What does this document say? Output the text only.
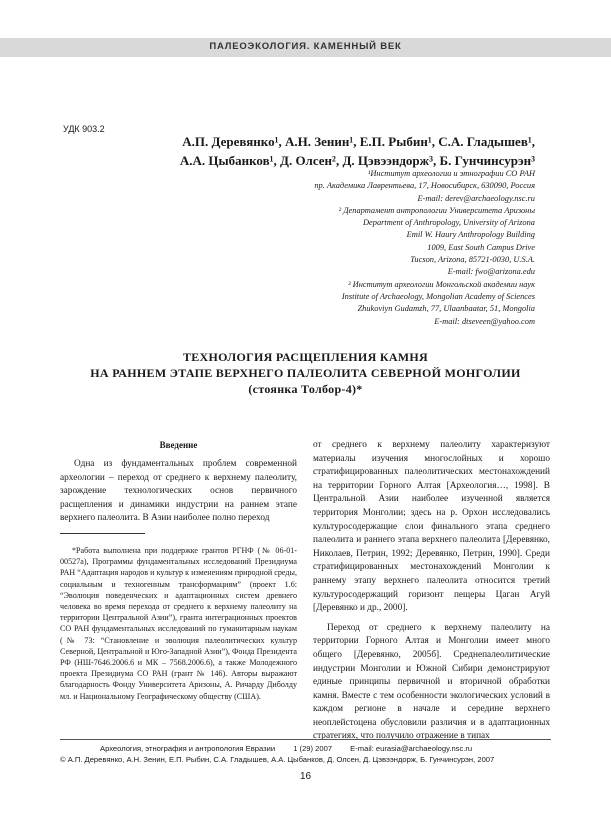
ПАЛЕОЭКОЛОГИЯ. КАМЕННЫЙ ВЕК
УДК 903.2
А.П. Деревянко¹, А.Н. Зенин¹, Е.П. Рыбин¹, С.А. Гладышев¹,
А.А. Цыбанков¹, Д. Олсен², Д. Цэвээндорж³, Б. Гунчинсурэн³
¹Институт археологии и этнографии СО РАН
пр. Академика Лаврентьева, 17, Новосибирск, 630090, Россия
E-mail: derev@archaeology.nsc.ru
² Департамент антропологии Университета Аризоны
Department of Anthropology, University of Arizona
Emil W. Haury Anthropology Building
1009, East South Campus Drive
Tucson, Arizona, 85721-0030, U.S.A.
E-mail: fwo@arizona.edu
³ Институт археологии Монгольской академии наук
Institute of Archaeology, Mongolian Academy of Sciences
Zhukoviyn Gudamzh, 77, Ulaanbaatar, 51, Mongolia
E-mail: dtseveen@yahoo.com
ТЕХНОЛОГИЯ РАСЩЕПЛЕНИЯ КАМНЯ
НА РАННЕМ ЭТАПЕ ВЕРХНЕГО ПАЛЕОЛИТА СЕВЕРНОЙ МОНГОЛИИ
(стоянка Толбор-4)*
Введение

Одна из фундаментальных проблем современной археологии – переход от среднего к верхнему палеолиту, зарождение технологических основ первичного расщепления и динамики индустрии на раннем этапе верхнего палеолита. В Азии наиболее полно переход

*Работа выполнена при поддержке грантов РГНФ (№ 06-01-00527а), Программы фундаментальных исследований Президиума РАН “Адаптация народов и культур к изменениям природной среды, социальным и техногенным трансформациям” (проект 1.6: “Эволюция поведенческих и адаптационных систем древнего человека во время перехода от среднего к верхнему палеолиту на территории Центральной Азии”), гранта интеграционных проектов СО РАН фундаментальных исследований по гуманитарным наукам (№ 73: “Становление и эволюция палеолитических культур Северной, Центральной и Юго-Западной Азии”), Фонда Президента РФ (НШ-7646.2006.6 и МК – 7568.2006.6), а также Молодежного проекта Президиума СО РАН (грант № 146). Авторы выражают благодарность Фонду Университета Аризоны, А. Ричарду Диболду мл. и Национальному Географическому обществу (США).

от среднего к верхнему палеолиту характеризуют материалы изучения многослойных и хорошо стратифицированных палеолитических местонахождений на территории Горного Алтая [Археология…, 1998]. В Центральной Азии наиболее изученной является территория Монголии; здесь на р. Орхон исследовались культуросодержащие слои финального этапа среднего палеолита и раннего этапа верхнего палеолита [Деревянко, Николаев, Петрин, 1992; Деревянко, Петрин, 1990]. Среди стратифицированных местонахождений Монголии к раннему этапу верхнего палеолита относится третий культуросодержащий горизонт пещеры Цаган Агуй [Деревянко и др., 2000].

Переход от среднего к верхнему палеолиту на территории Горного Алтая и Монголии имеет много общего [Деревянко, 2005б]. Среднепалеолитические индустрии Монголии и Южной Сибири демонстрируют единые принципы первичной и вторичной обработки камня. Вместе с тем особенности экологических условий в каждом регионе в начале и середине верхнего неоплейстоцена обусловили различия и в адаптационных стратегиях, что получило отражение в типах

Археология, этнография и антропология Евразии 1 (29) 2007 E-mail: eurasia@archaeology.nsc.ru
© А.П. Деревянко, А.Н. Зенин, Е.П. Рыбин, С.А. Гладышев, А.А. Цыбанков, Д. Олсен, Д. Цэвээндорж, Б. Гунчинсурэн, 2007
16
